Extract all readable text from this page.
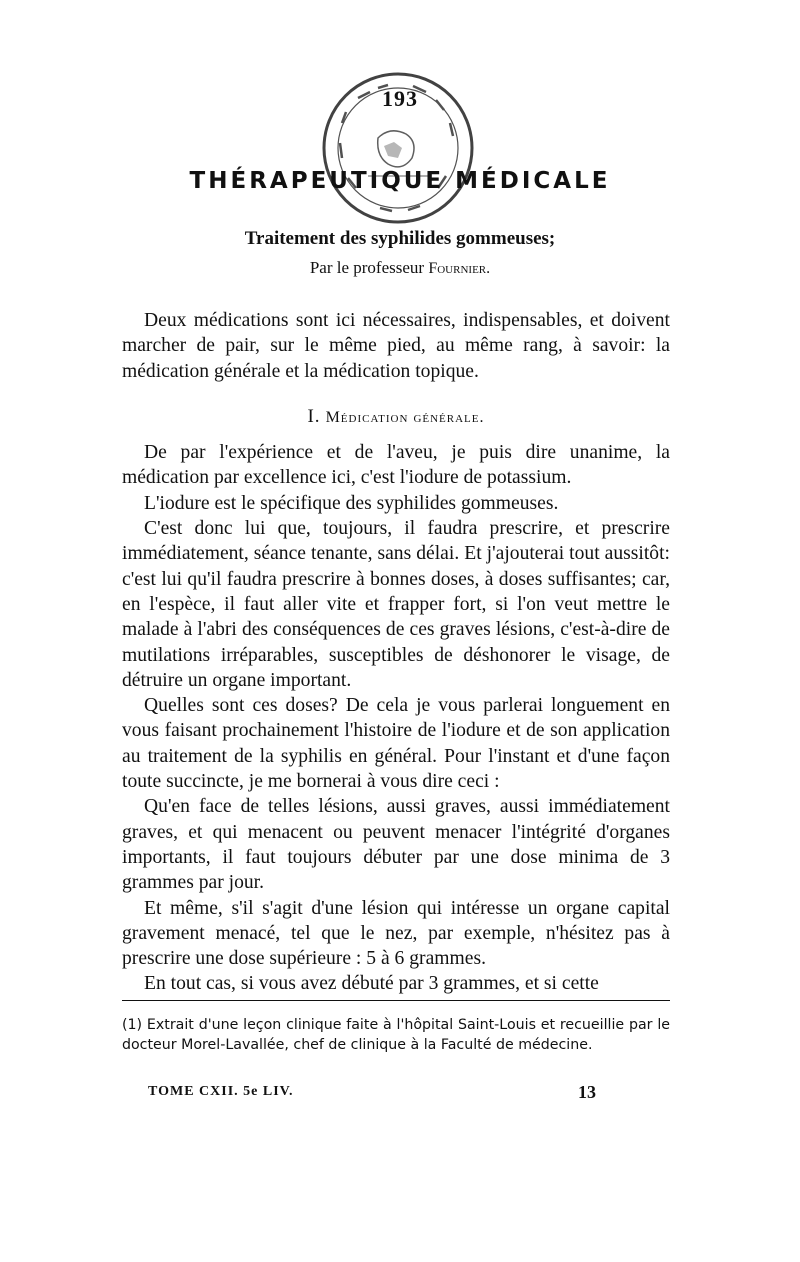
193
THÉRAPEUTIQUE MÉDICALE
Traitement des syphilides gommeuses;
Par le professeur Fournier.

Deux médications sont ici nécessaires, indispensables, et doivent marcher de pair, sur le même pied, au même rang, à savoir: la médication générale et la médication topique.

I. Médication générale.

De par l'expérience et de l'aveu, je puis dire unanime, la médication par excellence ici, c'est l'iodure de potassium.

L'iodure est le spécifique des syphilides gommeuses.

C'est donc lui que, toujours, il faudra prescrire, et prescrire immédiatement, séance tenante, sans délai. Et j'ajouterai tout aussitôt: c'est lui qu'il faudra prescrire à bonnes doses, à doses suffisantes; car, en l'espèce, il faut aller vite et frapper fort, si l'on veut mettre le malade à l'abri des conséquences de ces graves lésions, c'est-à-dire de mutilations irréparables, susceptibles de déshonorer le visage, de détruire un organe important.

Quelles sont ces doses? De cela je vous parlerai longuement en vous faisant prochainement l'histoire de l'iodure et de son application au traitement de la syphilis en général. Pour l'instant et d'une façon toute succincte, je me bornerai à vous dire ceci :

Qu'en face de telles lésions, aussi graves, aussi immédiatement graves, et qui menacent ou peuvent menacer l'intégrité d'organes importants, il faut toujours débuter par une dose minima de 3 grammes par jour.

Et même, s'il s'agit d'une lésion qui intéresse un organe capital gravement menacé, tel que le nez, par exemple, n'hésitez pas à prescrire une dose supérieure : 5 à 6 grammes.

En tout cas, si vous avez débuté par 3 grammes, et si cette

(1) Extrait d'une leçon clinique faite à l'hôpital Saint-Louis et recueillie par le docteur Morel-Lavallée, chef de clinique à la Faculté de médecine.
TOME CXII. 5e LIV.	13
